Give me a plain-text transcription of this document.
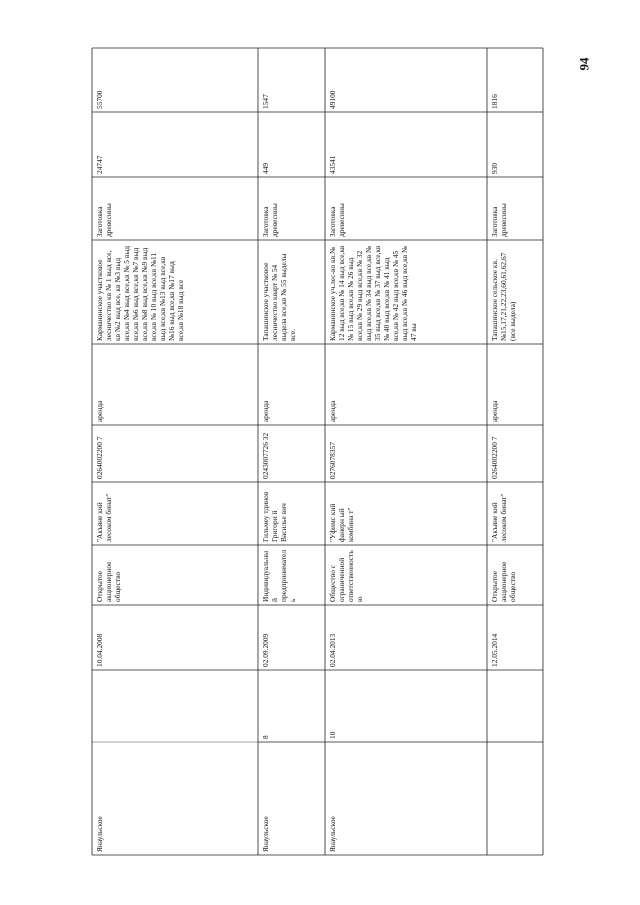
94
55700
24747
Заготовка древесины
Карманинское участковое лесничество кв № 1 выд все, кв №2 выд все, кв №3 выд все,кв №4 выд все,кв № 5 выд все,кв №6 выд все,кв №7 выд все,кв №8 выд все,кв №9 выд все,кв № 10 выд все,кв №11 выд все,кв №13 выд все,кв №16 выд все,кв №17 выд все,кв №18 выд все
аренда
0264002200 7
"Акъяне кий лесоком бинат"
Открытое акционерное общество
10.04.2008
Янаульское
1547
449
Заготовка древесины
Тапашинское участковое лесничество кварт № 54 выдела все,кв № 55 выделы все.
аренда
0243007726 32
Гильмеу тдинов Григори й Васильe вич
Индивидуальный предприниматель
02.09.2009
8
Янаульское
49100
43541
Заготовка древесины
Карманинское уч.лес-во кв.№ 12 выд все,кв № 14 выд все,кв № 15 выд все,кв № 26 выд все,кв № 29 выд все,кв № 32 выд все,кв № 34 выд все,кв № 35 выд все,кв № 37 выд все,кв № 40 выд все,кв № 41 выд все,кв № 42 выд все,кв № 45 выд все,кв № 46 выд все,кв № 47 вы
аренда
0276078357
"Уфимс кий фанерн ый комбина т"
Общество с ограниченной ответственностью
02.04.2013
10
Янаульское
1816
930
Заготовка древесины
Тапашинское сельское кв.№15,17,21,22,23,60,61,62,67 (все выдела)
аренда
0264002200 7
"Акъяне кий лесоком бинат"
Открытое акционерное общество
12.05.2014
